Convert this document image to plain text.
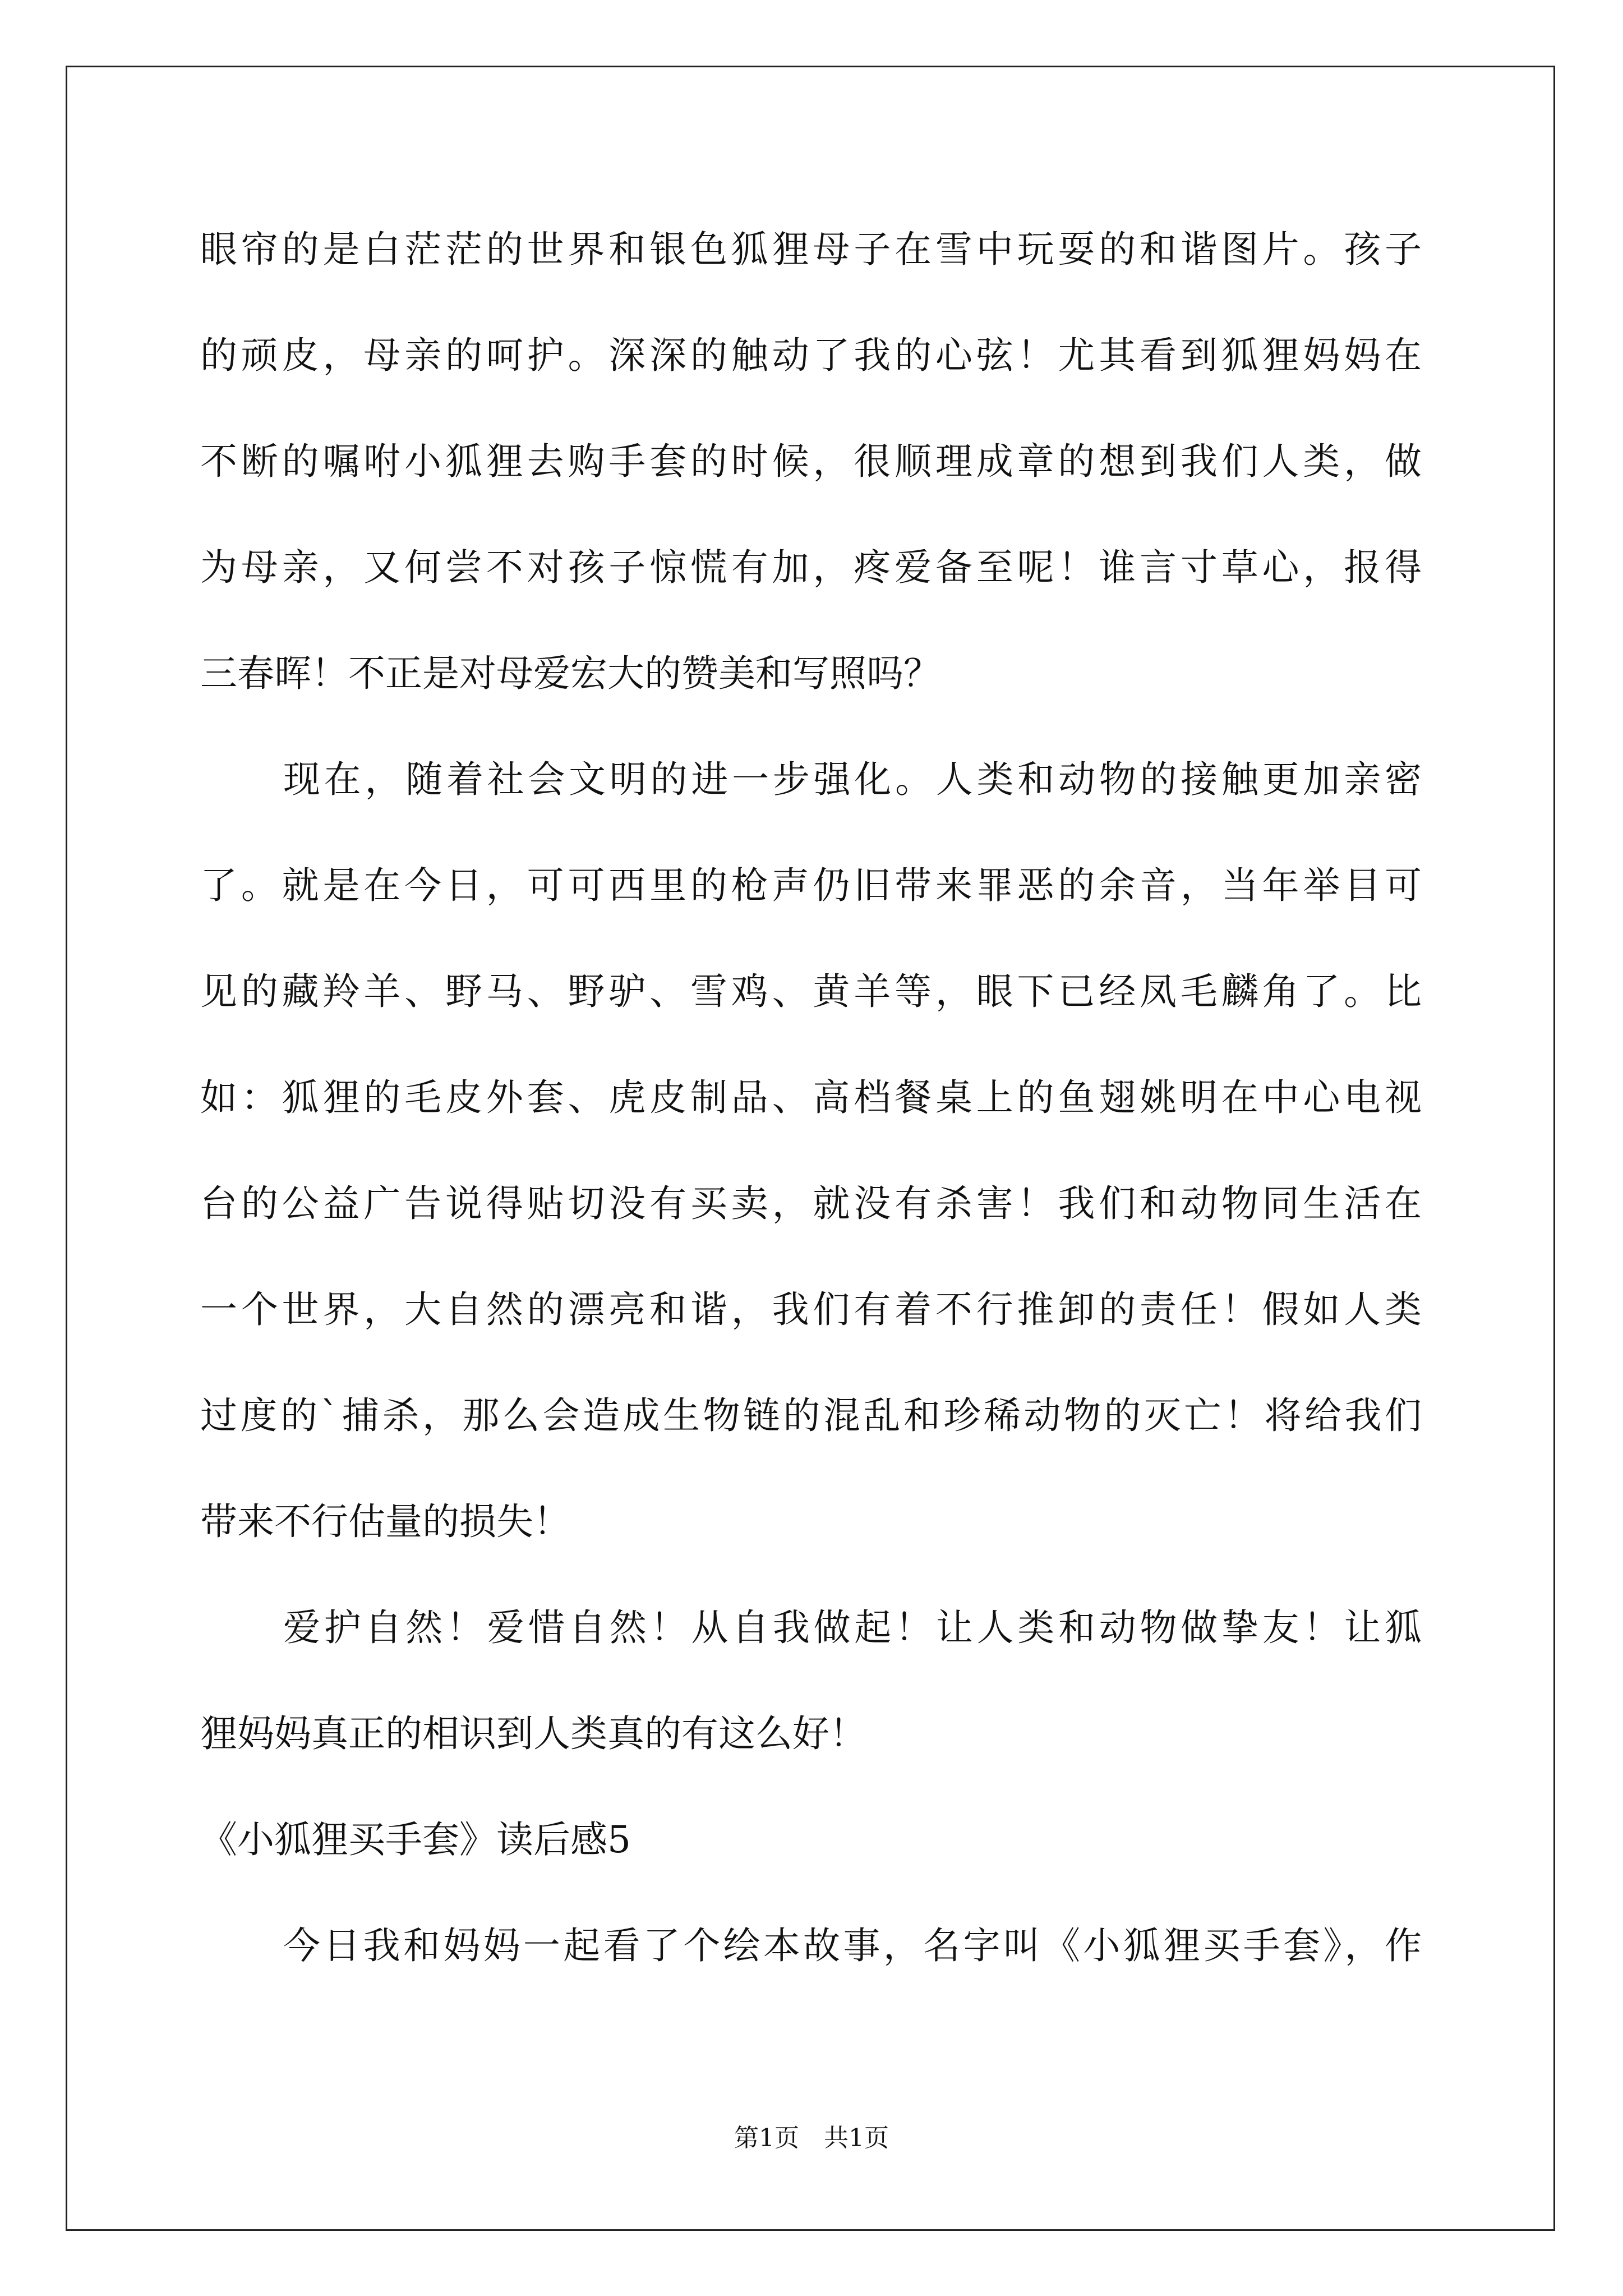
眼帘的是白茫茫的世界和银色狐狸母子在雪中玩耍的和谐图片。孩子
的顽皮，母亲的呵护。深深的触动了我的心弦！尤其看到狐狸妈妈在
不断的嘱咐小狐狸去购手套的时候，很顺理成章的想到我们人类，做
为母亲，又何尝不对孩子惊慌有加，疼爱备至呢！谁言寸草心，报得
三春晖！不正是对母爱宏大的赞美和写照吗？
现在，随着社会文明的进一步强化。人类和动物的接触更加亲密
了。就是在今日，可可西里的枪声仍旧带来罪恶的余音，当年举目可
见的藏羚羊、野马、野驴、雪鸡、黄羊等，眼下已经凤毛麟角了。比
如：狐狸的毛皮外套、虎皮制品、高档餐桌上的鱼翅姚明在中心电视
台的公益广告说得贴切没有买卖，就没有杀害！我们和动物同生活在
一个世界，大自然的漂亮和谐，我们有着不行推卸的责任！假如人类
过度的`捕杀，那么会造成生物链的混乱和珍稀动物的灭亡！将给我们
带来不行估量的损失！
爱护自然！爱惜自然！从自我做起！让人类和动物做挚友！让狐
狸妈妈真正的相识到人类真的有这么好！
《小狐狸买手套》读后感5
今日我和妈妈一起看了个绘本故事，名字叫《小狐狸买手套》，作
第1页　共1页
